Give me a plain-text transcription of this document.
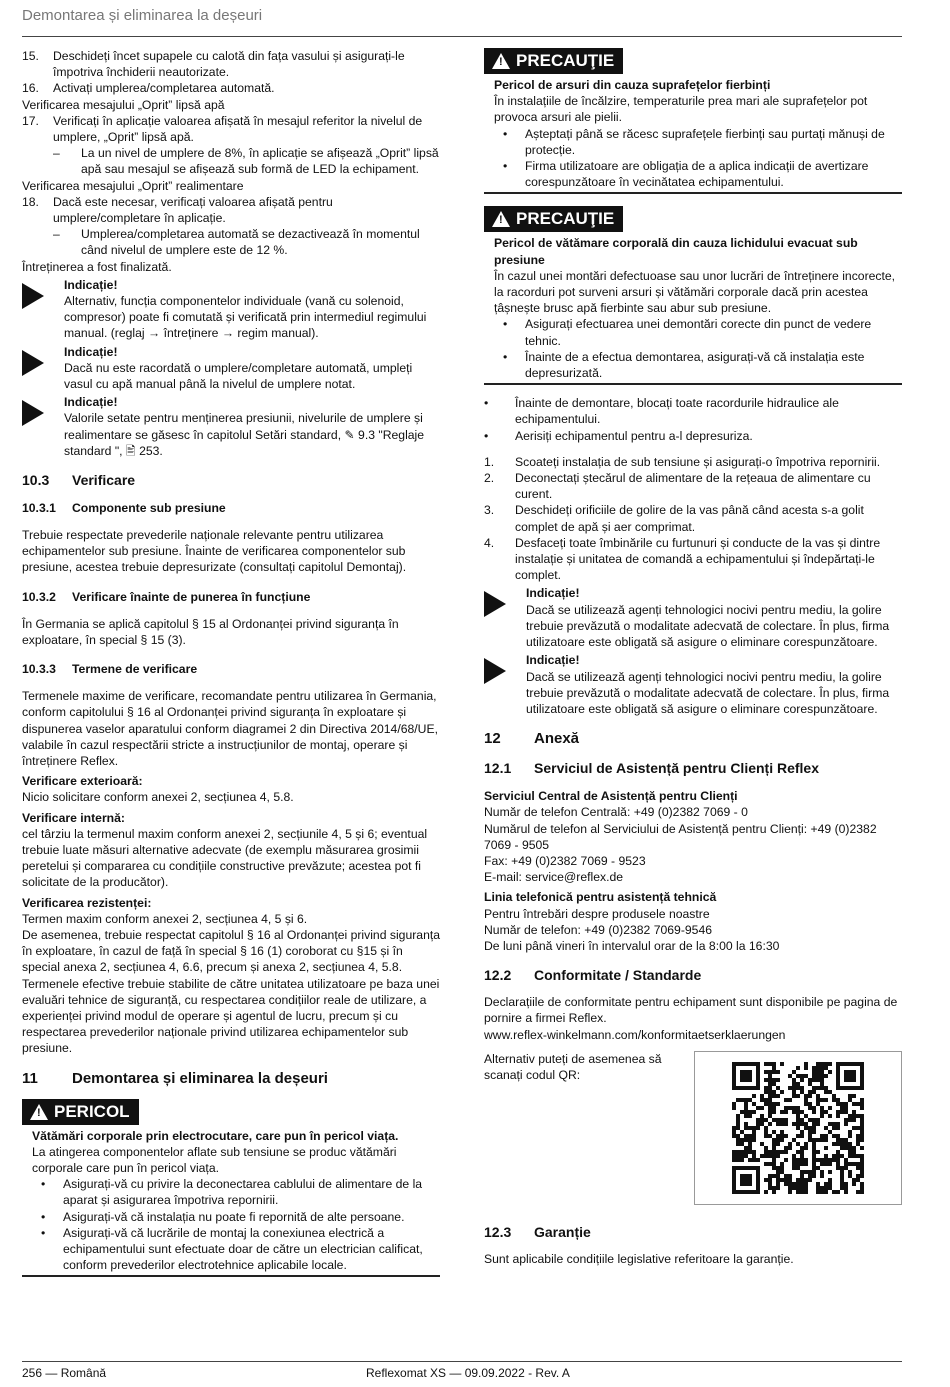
Demontarea și eliminarea la deșeuri
15.	Deschideți încet supapele cu calotă din fața vasului și asigurați-le împotriva închiderii neautorizate.
16.	Activați umplerea/completarea automată.

Verificarea mesajului „Oprit” lipsă apă

17.	Verificați în aplicație valoarea afișată în mesajul referitor la nivelul de umplere, „Oprit” lipsă apă.
–	La un nivel de umplere de 8%, în aplicație se afișează „Oprit” lipsă apă sau mesajul se afișează sub formă de LED la echipament.

Verificarea mesajului „Oprit” realimentare

18.	Dacă este necesar, verificați valoarea afișată pentru umplere/completare în aplicație.
–	Umplerea/completarea automată se dezactivează în momentul când nivelul de umplere este de 12 %.

Întreținerea a fost finalizată.

Indicație!
Alternativ, funcția componentelor individuale (vană cu solenoid, compresor) poate fi comutată și verificată prin intermediul regimului manual. (reglaj → întreținere → regim manual).
Indicație!
Dacă nu este racordată o umplere/completare automată, umpleți vasul cu apă manual până la nivelul de umplere notat.
Indicație!
Valorile setate pentru menținerea presiunii, nivelurile de umplere și realimentare se găsesc în capitolul Setări standard, ✎ 9.3 "Reglaje standard ", 🖹 253.
10.3	Verificare
10.3.1	Componente sub presiune

Trebuie respectate prevederile naționale relevante pentru utilizarea echipamentelor sub presiune. Înainte de verificarea componentelor sub presiune, acestea trebuie depresurizate (consultați capitolul Demontaj).

10.3.2	Verificare înainte de punerea în funcțiune

În Germania se aplică capitolul § 15 al Ordonanței privind siguranța în exploatare, în special § 15 (3).

10.3.3	Termene de verificare

Termenele maxime de verificare, recomandate pentru utilizarea în Germania, conform capitolului § 16 al Ordonanței privind siguranța în exploatare și dispunerea vaselor aparatului conform diagramei 2 din Directiva 2014/68/UE, valabile în cazul respectării stricte a instrucțiunilor de montaj, operare și întreținere Reflex.

Verificare exterioară:

Nicio solicitare conform anexei 2, secțiunea 4, 5.8.

Verificare internă:

cel târziu la termenul maxim conform anexei 2, secțiunile 4, 5 și 6; eventual trebuie luate măsuri alternative adecvate (de exemplu măsurarea grosimii peretelui și compararea cu condițiile constructive prevăzute; acestea pot fi solicitate de la producător).

Verificarea rezistenței:

Termen maxim conform anexei 2, secțiunea 4, 5 și 6.

De asemenea, trebuie respectat capitolul § 16 al Ordonanței privind siguranța în exploatare, în cazul de față în special § 16 (1) coroborat cu §15 și în special anexa 2, secțiunea 4, 6.6, precum și anexa 2, secțiunea 4, 5.8.

Termenele efective trebuie stabilite de către unitatea utilizatoare pe baza unei evaluări tehnice de siguranță, cu respectarea condițiilor reale de utilizare, a experienței privind modul de operare și agentul de lucru, precum și cu respectarea prevederilor naționale privind utilizarea echipamentelor sub presiune.

11	Demontarea și eliminarea la deșeuri
! PERICOL
Vătămări corporale prin electrocutare, care pun în pericol viața.
La atingerea componentelor aflate sub tensiune se produc vătămări corporale care pun în pericol viața.
•	Asigurați-vă cu privire la deconectarea cablului de alimentare de la aparat și asigurarea împotriva repornirii.
•	Asigurați-vă că instalația nu poate fi repornită de alte persoane.
•	Asigurați-vă că lucrările de montaj la conexiunea electrică a echipamentului sunt efectuate doar de către un electrician calificat, conform prevederilor electrotehnice aplicabile locale.
! PRECAUŢIE
Pericol de arsuri din cauza suprafețelor fierbinți
În instalațiile de încălzire, temperaturile prea mari ale suprafețelor pot provoca arsuri ale pielii.
•	Așteptați până se răcesc suprafețele fierbinți sau purtați mănuși de protecție.
•	Firma utilizatoare are obligația de a aplica indicații de avertizare corespunzătoare în vecinătatea echipamentului.
! PRECAUŢIE
Pericol de vătămare corporală din cauza lichidului evacuat sub presiune
În cazul unei montări defectuoase sau unor lucrări de întreținere incorecte, la racorduri pot surveni arsuri și vătămări corporale dacă prin acestea țâșnește brusc apă fierbinte sau abur sub presiune.
•	Asigurați efectuarea unei demontări corecte din punct de vedere tehnic.
•	Înainte de a efectua demontarea, asigurați-vă că instalația este depresurizată.
•	Înainte de demontare, blocați toate racordurile hidraulice ale echipamentului.
•	Aerisiți echipamentul pentru a-l depresuriza.
1.	Scoateți instalația de sub tensiune și asigurați-o împotriva repornirii.
2.	Deconectați ștecărul de alimentare de la rețeaua de alimentare cu curent.
3.	Deschideți orificiile de golire de la vas până când acesta s-a golit complet de apă și aer comprimat.
4.	Desfaceți toate îmbinările cu furtunuri și conducte de la vas și dintre instalație și unitatea de comandă a echipamentului și îndepărtați-le complet.
Indicație!
Dacă se utilizează agenți tehnologici nocivi pentru mediu, la golire trebuie prevăzută o modalitate adecvată de colectare. În plus, firma utilizatoare este obligată să asigure o eliminare corespunzătoare.
Indicație!
Dacă se utilizează agenți tehnologici nocivi pentru mediu, la golire trebuie prevăzută o modalitate adecvată de colectare. În plus, firma utilizatoare este obligată să asigure o eliminare corespunzătoare.
12	Anexă
12.1	Serviciul de Asistență pentru Clienți Reflex

Serviciul Central de Asistență pentru Clienți

Număr de telefon Centrală: +49 (0)2382 7069 - 0

Numărul de telefon al Serviciului de Asistență pentru Clienți: +49 (0)2382 7069 - 9505

Fax: +49 (0)2382 7069 - 9523

E-mail: service@reflex.de

Linia telefonică pentru asistență tehnică

Pentru întrebări despre produsele noastre

Număr de telefon: +49 (0)2382 7069-9546

De luni până vineri în intervalul orar de la 8:00 la 16:30

12.2	Conformitate / Standarde

Declarațiile de conformitate pentru echipament sunt disponibile pe pagina de pornire a firmei Reflex.

www.reflex-winkelmann.com/konformitaetserklaerungen

Alternativ puteți de asemenea să scanați codul QR:
12.3	Garanție

Sunt aplicabile condițiile legislative referitoare la garanție.

256 — Română	Reflexomat XS — 09.09.2022 - Rev. A
